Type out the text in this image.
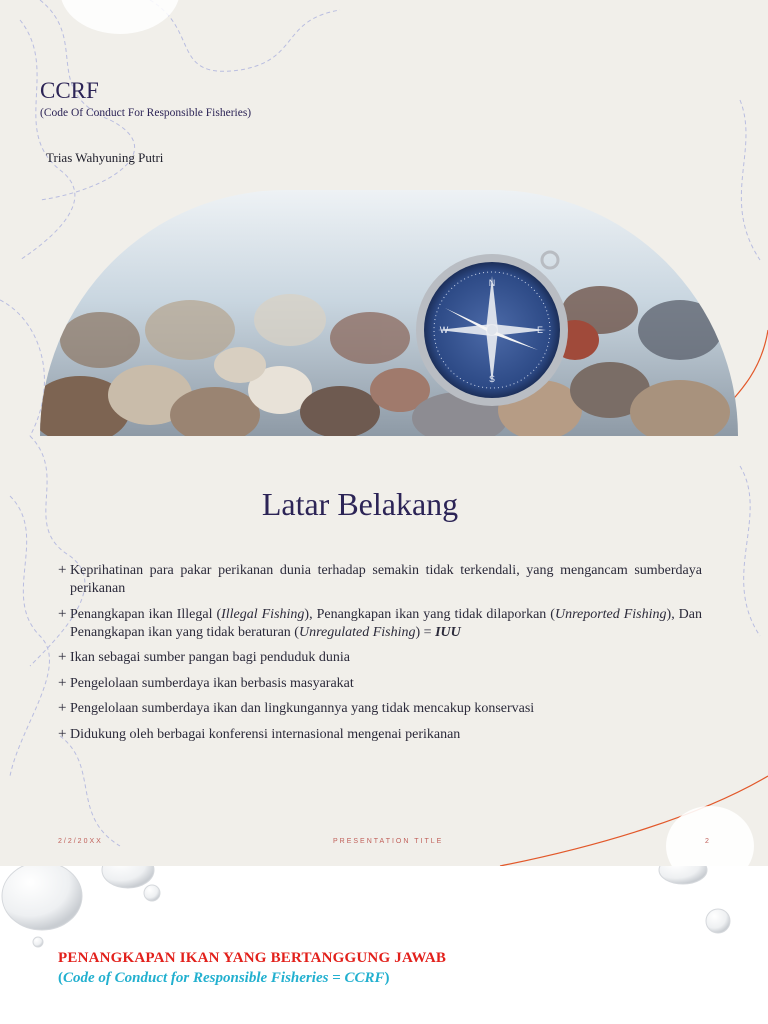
CCRF
(Code Of Conduct For Responsible Fisheries)
Trias Wahyuning Putri
N
S
W	E
Latar Belakang
+ Keprihatinan para pakar perikanan dunia terhadap semakin tidak terkendali, yang mengancam sumberdaya perikanan
+ Penangkapan ikan Illegal (Illegal Fishing), Penangkapan ikan yang tidak dilaporkan (Unreported Fishing), Dan Penangkapan ikan yang tidak beraturan (Unregulated Fishing) = IUU
+ Ikan sebagai sumber pangan bagi penduduk dunia
+ Pengelolaan sumberdaya ikan berbasis masyarakat
+ Pengelolaan sumberdaya ikan dan lingkungannya yang tidak mencakup konservasi
+ Didukung oleh berbagai konferensi internasional mengenai perikanan
2/2/20XX	PRESENTATION TITLE	2
PENANGKAPAN IKAN YANG BERTANGGUNG JAWAB
(Code of Conduct for Responsible Fisheries = CCRF)
